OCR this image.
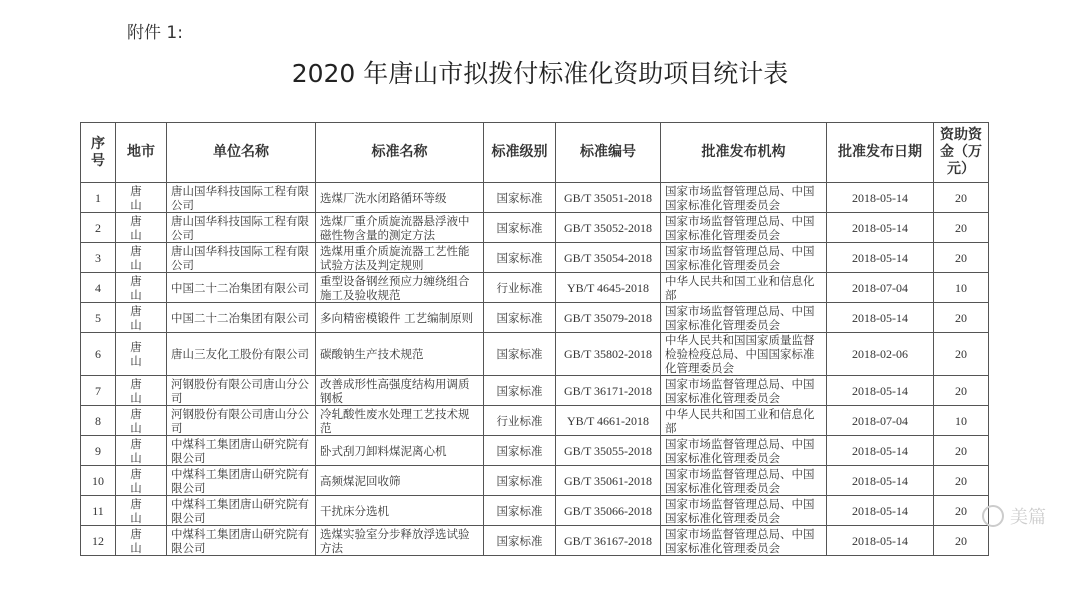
附件 1:
2020 年唐山市拟拨付标准化资助项目统计表
序号	地市	单位名称	标准名称	标准级别	标准编号	批准发布机构	批准发布日期	资助资金（万元）
1	唐山	唐山国华科技国际工程有限公司	选煤厂洗水闭路循环等级	国家标准	GB/T 35051-2018	国家市场监督管理总局、中国国家标准化管理委员会	2018-05-14	20
2	唐山	唐山国华科技国际工程有限公司	选煤厂重介质旋流器悬浮液中磁性物含量的测定方法	国家标准	GB/T 35052-2018	国家市场监督管理总局、中国国家标准化管理委员会	2018-05-14	20
3	唐山	唐山国华科技国际工程有限公司	选煤用重介质旋流器工艺性能试验方法及判定规则	国家标准	GB/T 35054-2018	国家市场监督管理总局、中国国家标准化管理委员会	2018-05-14	20
4	唐山	中国二十二冶集团有限公司	重型设备钢丝预应力缠绕组合施工及验收规范	行业标准	YB/T 4645-2018	中华人民共和国工业和信息化部	2018-07-04	10
5	唐山	中国二十二冶集团有限公司	多向精密模锻件 工艺编制原则	国家标准	GB/T 35079-2018	国家市场监督管理总局、中国国家标准化管理委员会	2018-05-14	20
6	唐山	唐山三友化工股份有限公司	碳酸钠生产技术规范	国家标准	GB/T 35802-2018	中华人民共和国国家质量监督检验检疫总局、中国国家标准化管理委员会	2018-02-06	20
7	唐山	河钢股份有限公司唐山分公司	改善成形性高强度结构用调质钢板	国家标准	GB/T 36171-2018	国家市场监督管理总局、中国国家标准化管理委员会	2018-05-14	20
8	唐山	河钢股份有限公司唐山分公司	冷轧酸性废水处理工艺技术规范	行业标准	YB/T 4661-2018	中华人民共和国工业和信息化部	2018-07-04	10
9	唐山	中煤科工集团唐山研究院有限公司	卧式刮刀卸料煤泥离心机	国家标准	GB/T 35055-2018	国家市场监督管理总局、中国国家标准化管理委员会	2018-05-14	20
10	唐山	中煤科工集团唐山研究院有限公司	高频煤泥回收筛	国家标准	GB/T 35061-2018	国家市场监督管理总局、中国国家标准化管理委员会	2018-05-14	20
11	唐山	中煤科工集团唐山研究院有限公司	干扰床分选机	国家标准	GB/T 35066-2018	国家市场监督管理总局、中国国家标准化管理委员会	2018-05-14	20
12	唐山	中煤科工集团唐山研究院有限公司	选煤实验室分步释放浮选试验方法	国家标准	GB/T 36167-2018	国家市场监督管理总局、中国国家标准化管理委员会	2018-05-14	20
美篇
